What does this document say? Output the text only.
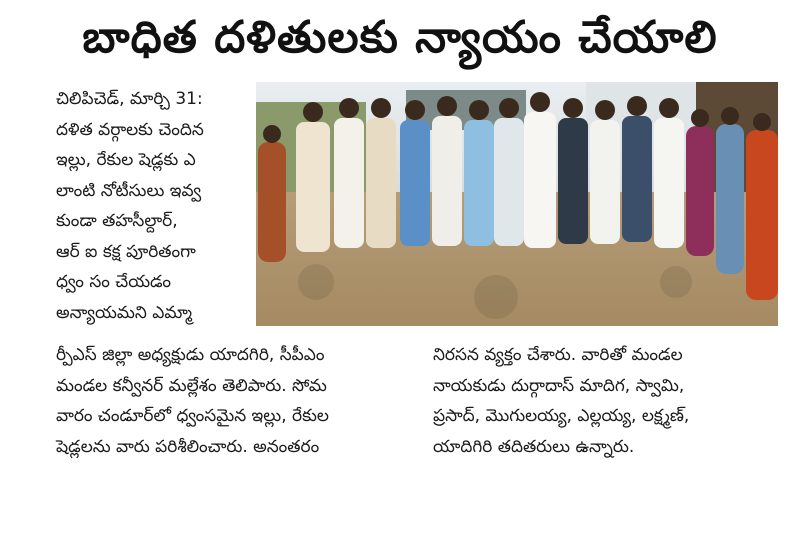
బాధిత దళితులకు న్యాయం చేయాలి
చిలిపిచెడ్, మార్చి 31:
దళిత వర్గాలకు చెందిన
ఇల్లు, రేకుల షెడ్లకు ఎ
లాంటి నోటీసులు ఇవ్వ
కుండా తహసీల్దార్,
ఆర్ ఐ కక్ష పూరితంగా
ధ్వం సం చేయడం
అన్యాయమని ఎమ్మా
ర్పీఎస్ జిల్లా అధ్యక్షుడు యాదగిరి, సీపీఎం
మండల కన్వీనర్ మల్లేశం తెలిపారు. సోమ
వారం చండూర్‌లో ధ్వంసమైన ఇల్లు, రేకుల
షెడ్లలను వారు పరిశీలించారు. అనంతరం
నిరసన వ్యక్తం చేశారు. వారితో మండల
నాయకుడు దుర్గాదాస్ మాదిగ, స్వామి,
ప్రసాద్, మొగులయ్య, ఎల్లయ్య, లక్ష్మణ్,
యాదిగిరి తదితరులు ఉన్నారు.
